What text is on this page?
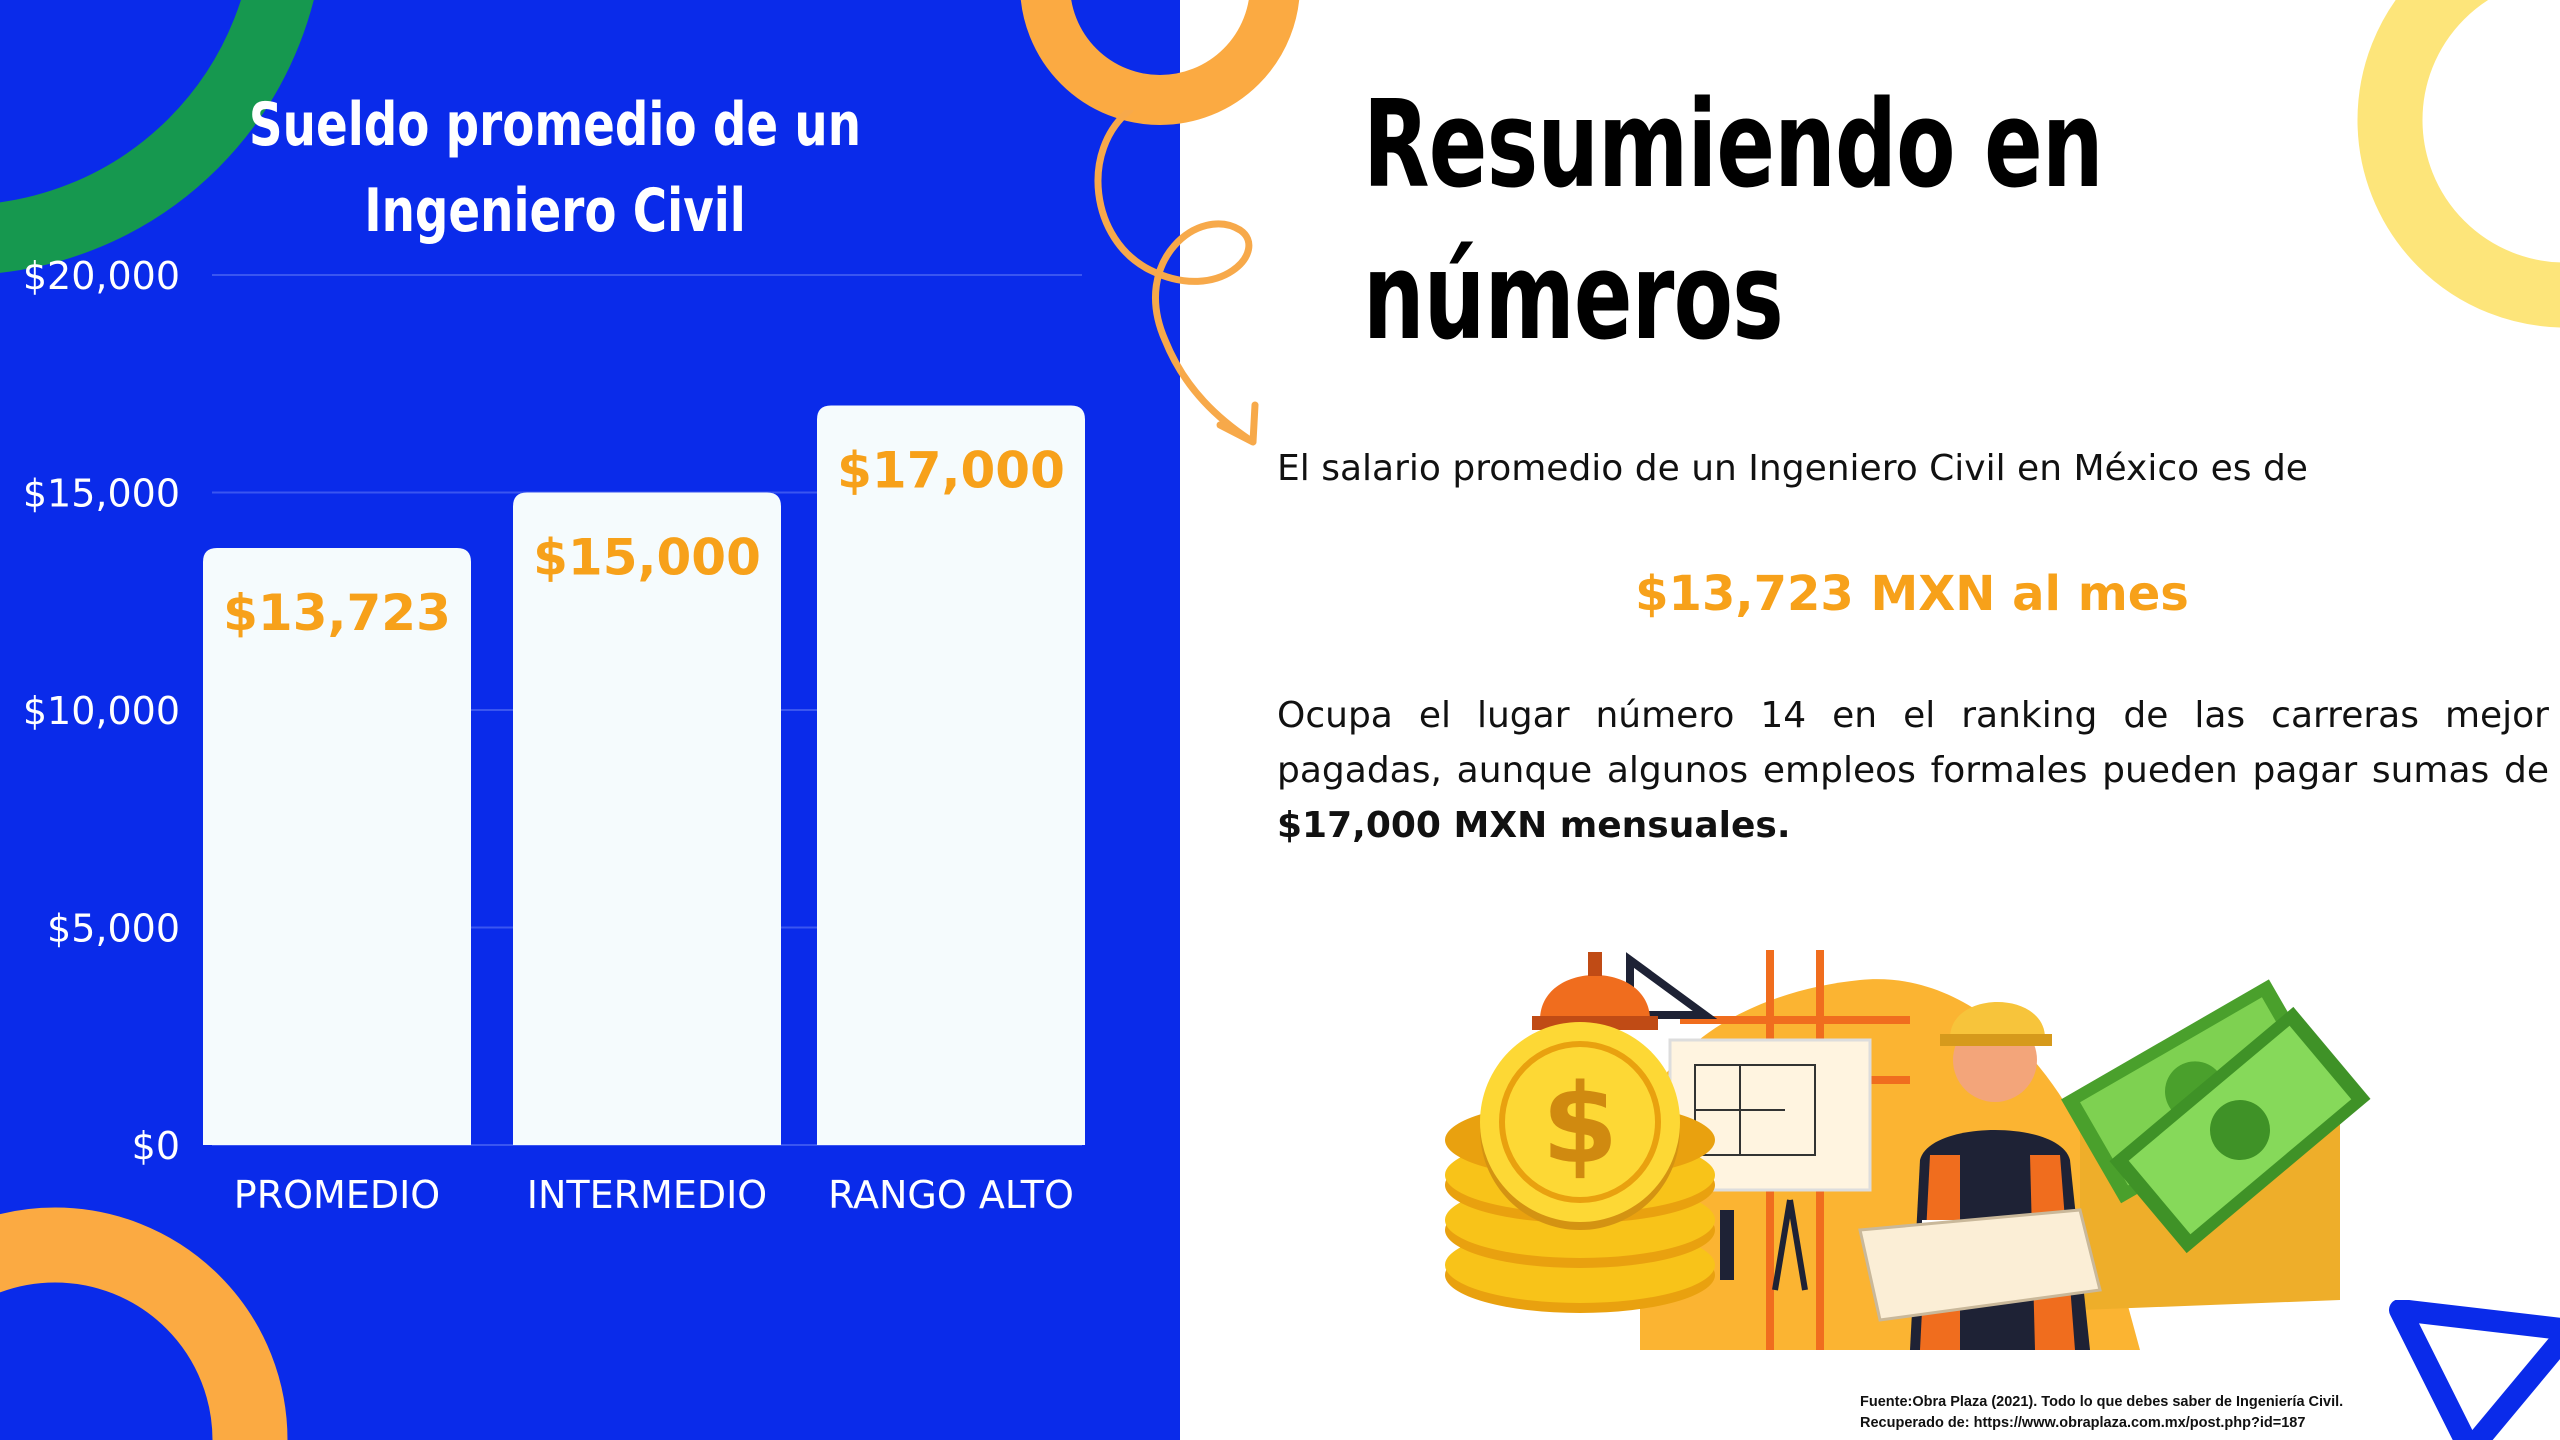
Sueldo promedio de un Ingeniero Civil
$0
$5,000
$10,000
$15,000
$20,000
$13,723
PROMEDIO
$15,000
INTERMEDIO
$17,000
RANGO ALTO
Resumiendo en
números
El salario promedio de un Ingeniero Civil en México es de
$13,723 MXN al mes
Ocupa el lugar número 14 en el ranking de las carreras mejor pagadas, aunque algunos empleos formales pueden pagar sumas de $17,000 MXN mensuales.
$
Fuente:Obra Plaza (2021). Todo lo que debes saber de Ingeniería Civil.
Recuperado de: https://www.obraplaza.com.mx/post.php?id=187
